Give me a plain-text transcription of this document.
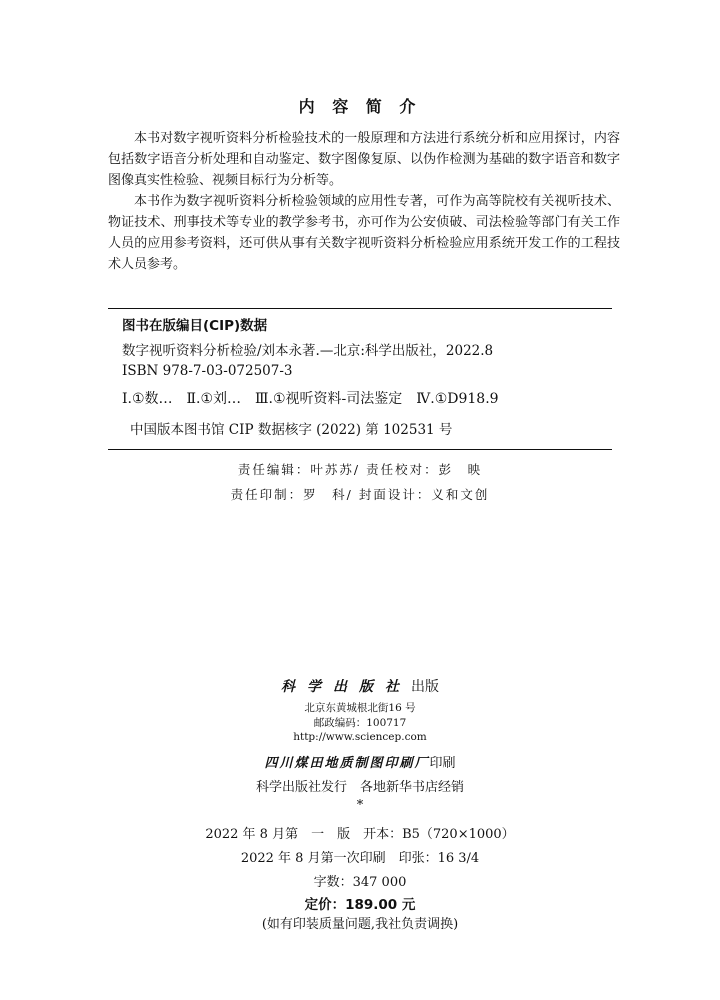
内 容 简 介

本书对数字视听资料分析检验技术的一般原理和方法进行系统分析和应用探讨，内容包括数字语音分析处理和自动鉴定、数字图像复原、以伪作检测为基础的数字语音和数字图像真实性检验、视频目标行为分析等。

本书作为数字视听资料分析检验领域的应用性专著，可作为高等院校有关视听技术、物证技术、刑事技术等专业的教学参考书，亦可作为公安侦破、司法检验等部门有关工作人员的应用参考资料，还可供从事有关数字视听资料分析检验应用系统开发工作的工程技术人员参考。

图书在版编目(CIP)数据
数字视听资料分析检验/刘本永著.—北京:科学出版社，2022.8
ISBN 978-7-03-072507-3
Ⅰ.①数…　Ⅱ.①刘…　Ⅲ.①视听资料-司法鉴定　Ⅳ.①D918.9
中国版本图书馆 CIP 数据核字 (2022) 第 102531 号
责任编辑：叶苏苏/ 责任校对：彭　映
责任印制：罗　科/ 封面设计：义和文创
科学出版社出版
北京东黄城根北街16 号
邮政编码：100717
http://www.sciencep.com
四川煤田地质制图印刷厂印刷
科学出版社发行　各地新华书店经销
*
2022 年 8 月第　一　版　开本：B5（720×1000）
2022 年 8 月第一次印刷　印张：16 3/4
字数：347 000
定价：189.00 元
(如有印装质量问题,我社负责调换)
